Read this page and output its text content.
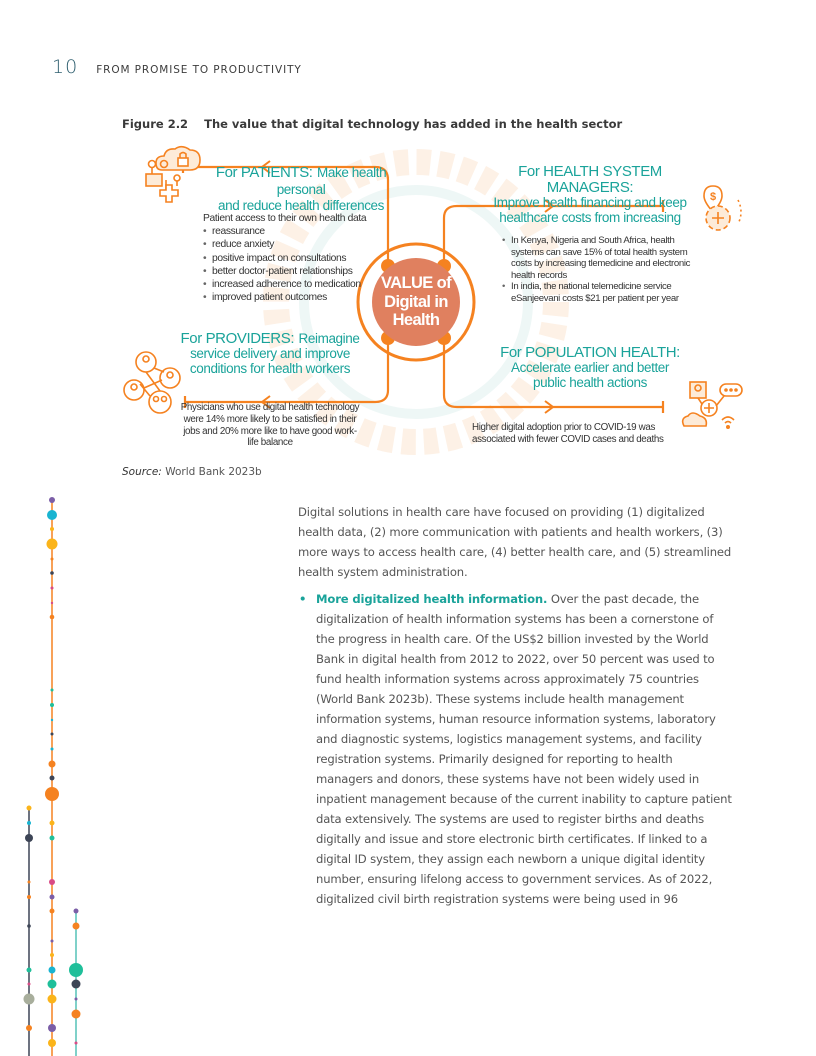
10 FROM PROMISE TO PRODUCTIVITY
Figure 2.2 The value that digital technology has added in the health sector
$
VALUE of
Digital in
Health
For PATIENTS: Make health personal
and reduce health differences
Patient access to their own health data
• reassurance
• reduce anxiety
• positive impact on consultations
• better doctor-patient relationships
• increased adherence to medication
• improved patient outcomes
For HEALTH SYSTEM MANAGERS:
Improve health financing and keep
healthcare costs from increasing
• In Kenya, Nigeria and South Africa, health systems can save 15% of total health system costs by increasing tlemedicine and electronic health records
• In india, the national telemedicine service eSanjeevani costs $21 per patient per year
For PROVIDERS: Reimagine
service delivery and improve
conditions for health workers
Physicians who use digital health technology were 14% more likely to be satisfied in their jobs and 20% more like to have good work-life balance
For POPULATION HEALTH:
Accelerate earlier and better
public health actions
Higher digital adoption prior to COVID-19 was associated with fewer COVID cases and deaths
Source: World Bank 2023b

Digital solutions in health care have focused on providing (1) digitalized health data, (2) more communication with patients and health workers, (3) more ways to access health care, (4) better health care, and (5) streamlined health system administration.

• More digitalized health information. Over the past decade, the digitalization of health information systems has been a cornerstone of the progress in health care. Of the US$2 billion invested by the World Bank in digital health from 2012 to 2022, over 50 percent was used to fund health information systems across approximately 75 countries (World Bank 2023b). These systems include health management information systems, human resource information systems, laboratory and diagnostic systems, logistics management systems, and facility registration systems. Primarily designed for reporting to health managers and donors, these systems have not been widely used in inpatient management because of the current inability to capture patient data extensively. The systems are used to register births and deaths digitally and issue and store electronic birth certificates. If linked to a digital ID system, they assign each newborn a unique digital identity number, ensuring lifelong access to government services. As of 2022, digitalized civil birth registration systems were being used in 96
